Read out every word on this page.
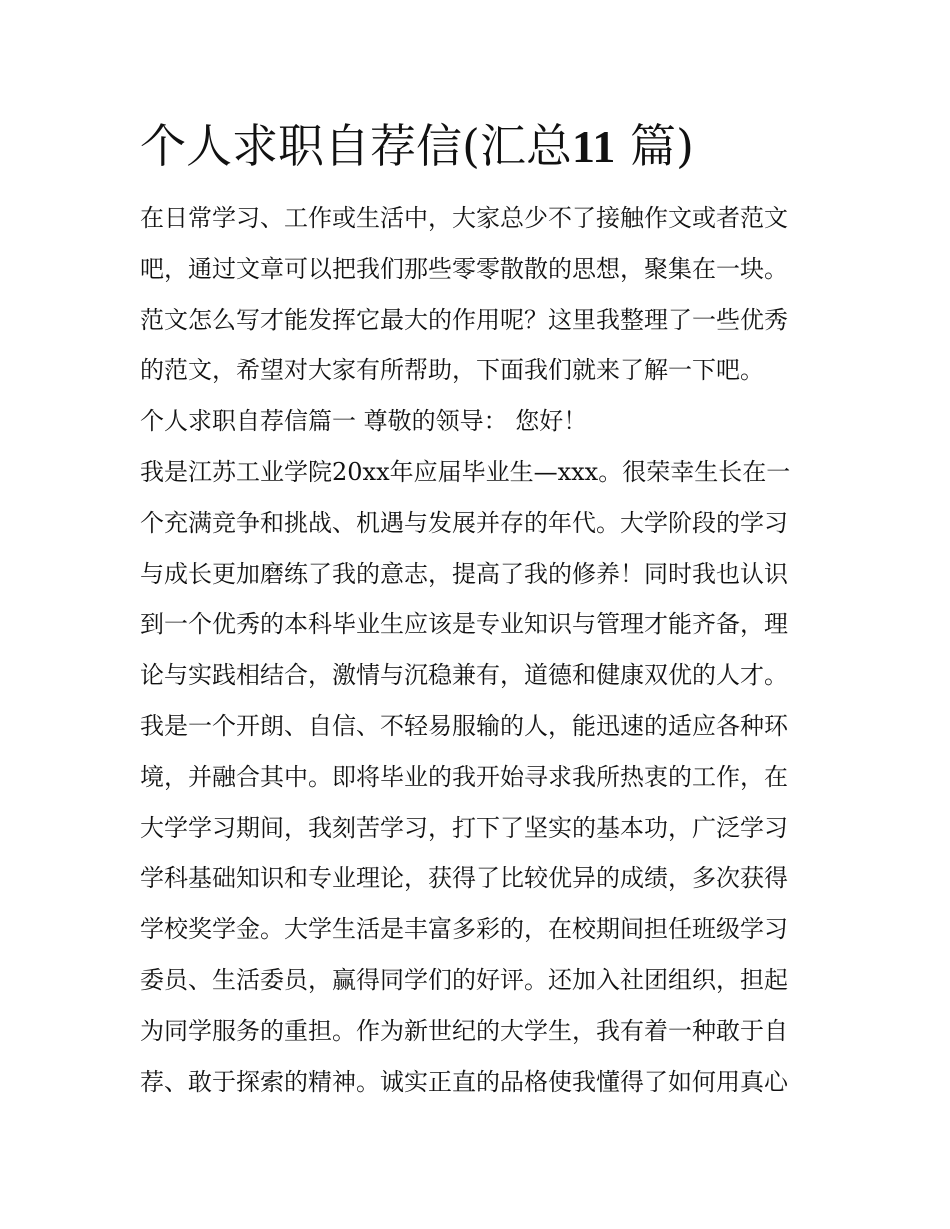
个人求职自荐信(汇总11 篇)
在日常学习、工作或生活中，大家总少不了接触作文或者范文
吧，通过文章可以把我们那些零零散散的思想，聚集在一块。
范文怎么写才能发挥它最大的作用呢？这里我整理了一些优秀
的范文，希望对大家有所帮助，下面我们就来了解一下吧。
个人求职自荐信篇一 尊敬的领导： 您好！
我是江苏工业学院20xx年应届毕业生—xxx。很荣幸生长在一
个充满竞争和挑战、机遇与发展并存的年代。大学阶段的学习
与成长更加磨练了我的意志，提高了我的修养！同时我也认识
到一个优秀的本科毕业生应该是专业知识与管理才能齐备，理
论与实践相结合，激情与沉稳兼有，道德和健康双优的人才。
我是一个开朗、自信、不轻易服输的人，能迅速的适应各种环
境，并融合其中。即将毕业的我开始寻求我所热衷的工作，在
大学学习期间，我刻苦学习，打下了坚实的基本功，广泛学习
学科基础知识和专业理论，获得了比较优异的成绩，多次获得
学校奖学金。大学生活是丰富多彩的，在校期间担任班级学习
委员、生活委员，赢得同学们的好评。还加入社团组织，担起
为同学服务的重担。作为新世纪的大学生，我有着一种敢于自
荐、敢于探索的精神。诚实正直的品格使我懂得了如何用真心
